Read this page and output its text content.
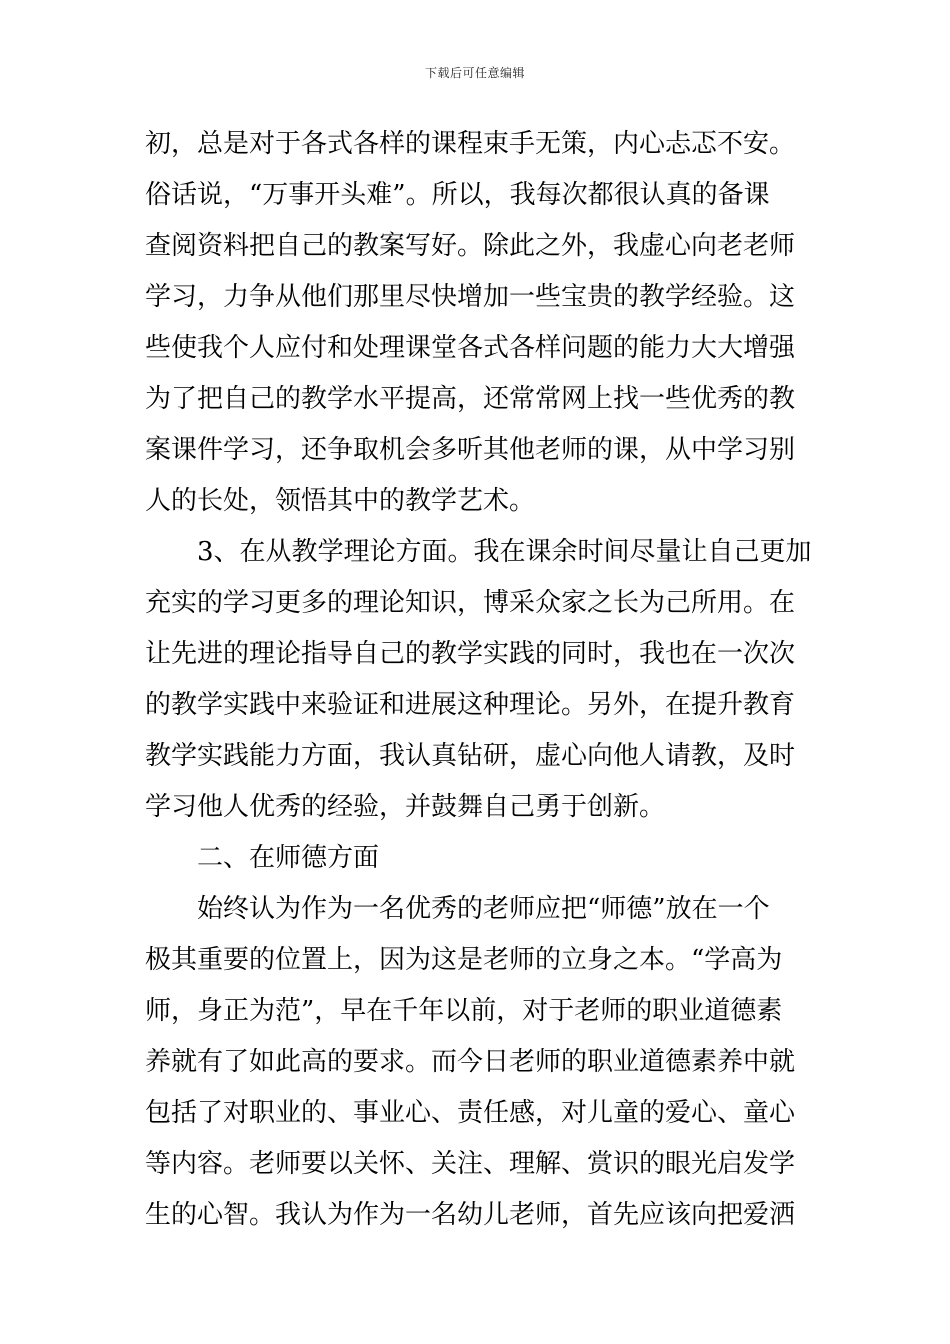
下载后可任意编辑
初，总是对于各式各样的课程束手无策，内心忐忑不安。
俗话说，“万事开头难”。所以，我每次都很认真的备课
查阅资料把自己的教案写好。除此之外，我虚心向老老师
学习，力争从他们那里尽快增加一些宝贵的教学经验。这
些使我个人应付和处理课堂各式各样问题的能力大大增强
为了把自己的教学水平提高，还常常网上找一些优秀的教
案课件学习，还争取机会多听其他老师的课，从中学习别
人的长处，领悟其中的教学艺术。
3、在从教学理论方面。我在课余时间尽量让自己更加
充实的学习更多的理论知识，博采众家之长为己所用。在
让先进的理论指导自己的教学实践的同时，我也在一次次
的教学实践中来验证和进展这种理论。另外，在提升教育
教学实践能力方面，我认真钻研，虚心向他人请教，及时
学习他人优秀的经验，并鼓舞自己勇于创新。
二、在师德方面
始终认为作为一名优秀的老师应把“师德”放在一个
极其重要的位置上，因为这是老师的立身之本。“学高为
师，身正为范”，早在千年以前，对于老师的职业道德素
养就有了如此高的要求。而今日老师的职业道德素养中就
包括了对职业的、事业心、责任感，对儿童的爱心、童心
等内容。老师要以关怀、关注、理解、赏识的眼光启发学
生的心智。我认为作为一名幼儿老师，首先应该向把爱洒
